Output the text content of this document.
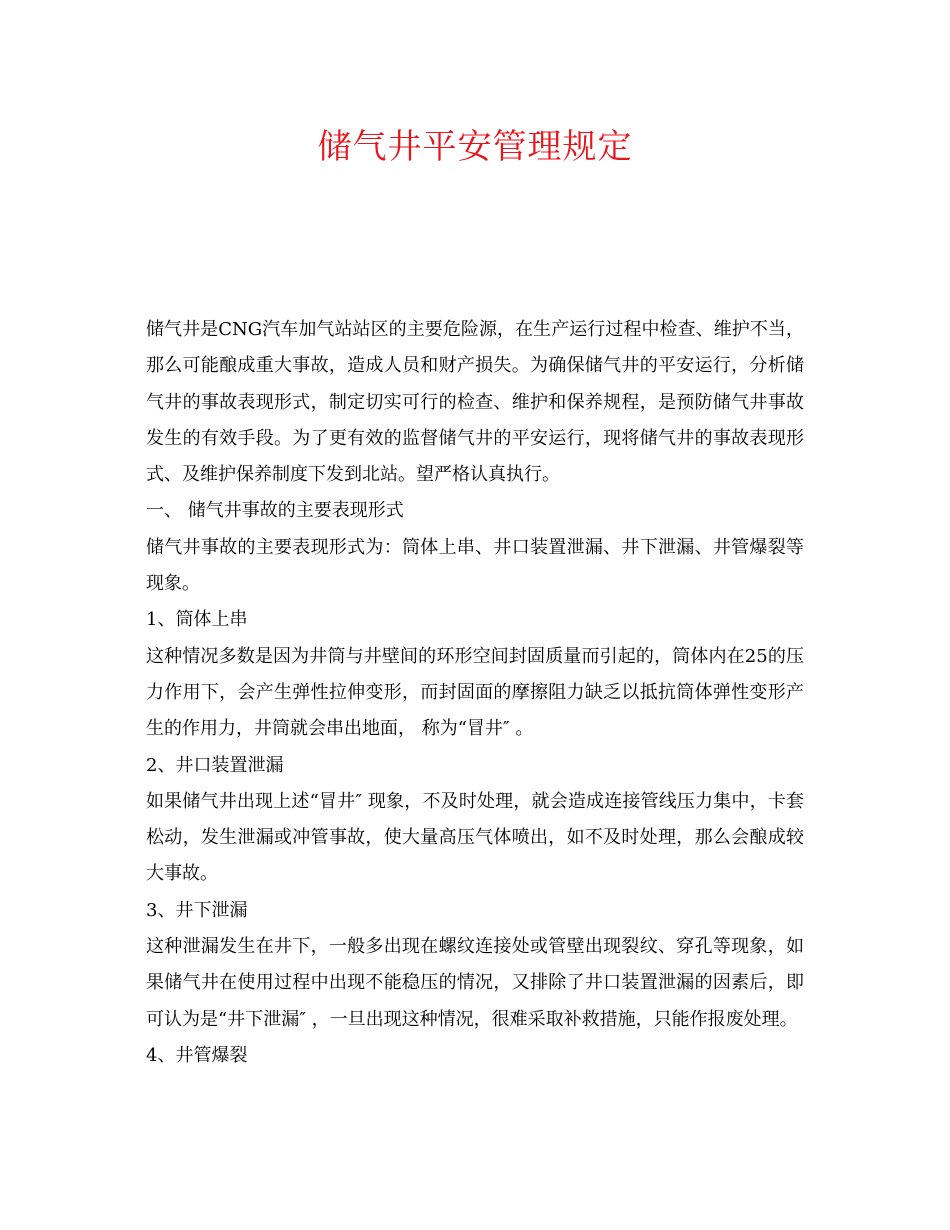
储气井平安管理规定

储气井是CNG汽车加气站站区的主要危险源，在生产运行过程中检查、维护不当，那么可能酿成重大事故，造成人员和财产损失。为确保储气井的平安运行，分析储气井的事故表现形式，制定切实可行的检查、维护和保养规程，是预防储气井事故发生的有效手段。为了更有效的监督储气井的平安运行，现将储气井的事故表现形式、及维护保养制度下发到北站。望严格认真执行。

一、 储气井事故的主要表现形式

储气井事故的主要表现形式为：筒体上串、井口装置泄漏、井下泄漏、井管爆裂等现象。

1、筒体上串

这种情况多数是因为井筒与井壁间的环形空间封固质量而引起的，筒体内在25的压力作用下，会产生弹性拉伸变形，而封固面的摩擦阻力缺乏以抵抗筒体弹性变形产生的作用力，井筒就会串出地面， 称为“冒井″ 。

2、井口装置泄漏

如果储气井出现上述“冒井″ 现象，不及时处理，就会造成连接管线压力集中，卡套松动，发生泄漏或冲管事故，使大量高压气体喷出，如不及时处理，那么会酿成较大事故。

3、井下泄漏

这种泄漏发生在井下，一般多出现在螺纹连接处或管壁出现裂纹、穿孔等现象，如果储气井在使用过程中出现不能稳压的情况，又排除了井口装置泄漏的因素后，即可认为是“井下泄漏″ ，一旦出现这种情况，很难采取补救措施，只能作报废处理。

4、井管爆裂
